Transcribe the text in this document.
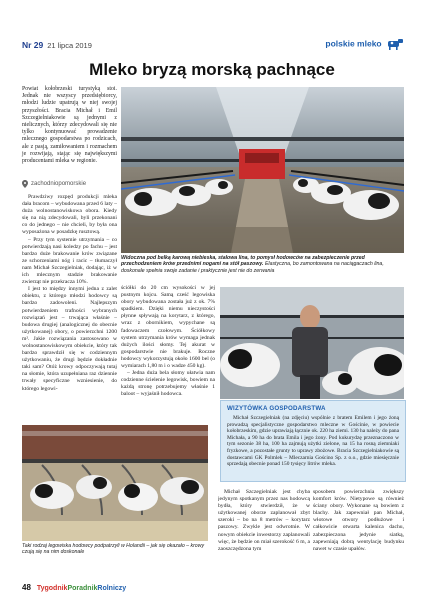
Nr 29 21 lipca 2019	polskie mleko
Mleko bryzą morską pachnące

Powiat kołobrzeski turystyką stoi. Jednak nie wszyscy przedsiębiorcy, młodzi ludzie upatrują w niej swojej przyszłości. Bracia Michał i Emil Szczegielniakowie są jednymi z nielicznych, którzy zdecydowali się nie tylko kontynuować prowadzenie mlecznego gospodarstwa po rodzicach, ale z pasją, zamiłowaniem i rozmachem je rozwijają, stając się największymi producentami mleka w regionie.

zachodniopomorskie

Prawdziwy rozpęd produkcji mleka dała bracom – wybudowana przed 6 laty – duża wolnostanowiskowa obora. Kiedy się na nią zdecydowali, byli przekonani co do jednego – nie chcieli, by była ona wyposażona w posadzkę rusztową.

– Przy tym systemie utrzymania – co potwierdzają nasi koledzy po fachu – jest bardzo duże brakowanie krów związane ze schorzeniami nóg i racic – tłumaczył nam Michał Szczegielniak, dodając, iż w ich mlecznym stadzie brakowanie zwierząt nie przekracza 10%.

I jest to między innymi jedna z zalet obiektu, z którego młodzi hodowcy są bardzo zadowoleni. Najlepszym potwierdzeniem trafności wybranych rozwiązań jest – trwająca właśnie – budowa drugiej (analogicznej do obecnie użytkowanej) obory, o powierzchni 1200 m². Jakie rozwiązania zastosowano w wolnostanowiskowym obiekcie, który tak bardzo sprawdził się w codziennym użytkowaniu, że drugi będzie dokładnie taki sam? Otóż krowy odpoczywają tutaj na słomie, która uzupełniana raz dziennie trwały specyficzne wzniesienie, do którego legowi-

Widoczna pod belką karową niebieska, stalowa lina, to pomysł hodowców na zabezpieczenie przed przechodzeniem krów przednimi nogami na stół paszowy. Elastyczna, bo zamontowana na naciągaczach lina, doskonale spełnia swoje zadanie i praktycznie jest nie do zerwania

ściółki do 20 cm wysokości w jej pustnym kojcu. Samą cześć legowiska obory wybudowana została już z ok. 7% spadkiem. Dzięki niemu nieczystości płynne spływają na korytarz, z którego, wraz z obornikiem, wypychane są fadowaczem czołowym. Ściółkowy system utrzymania krów wymaga jednak dużych ilości słomy. Tej akurat w gospodarstwie nie brakuje. Roczne hodowcy wykorzystują około 1600 bel (o wymiarach 1,80 m i o wadze 450 kg).

– Jedna duża bela słomy ułatwia nam codzienne ścielenie legowisk, bowiem na każdą stronę potrzebujemy właśnie 1 baloot – wyjaśnił hodowca.

WIZYTÓWKA GOSPODARSTWA

Michał Szczegielniak (na zdjęciu) wspólnie z bratem Emilem i jego żoną prowadzą specjalistyczne gospodarstwo mleczne w Gościnie, w powiecie kołobrzeskim, gdzie uprawiają łącznie ok. 220 ha ziemi. 130 ha należy do pana Michała, a 90 ha do brata Emila i jego żony. Pod kukurydzę przeznaczono w tym sezonie 38 ha, 100 ha zajmują użytki zielone, na 15 ha rosną ziemniaki fryzkowe, a pozostałe grunty to uprawy zbożowe. Bracia Szczegielniakowie są dostawcami GK Polmlek – Mleczarnia Gościno Sp. z o.o., gdzie miesięcznie sprzedają obecnie ponad 150 tysięcy litrów mleka.

Taki rodzaj legowiska hodowcy podpatrzyli w Holandii – jak się okazało – krowy czują się na nim doskonale

Michał Szczegielniak jest chyba jedynym spotkanym przez nas hodowcą bydła, który stwierdził, że w użytkowanej oborze zaplanował zbyt szeroki – bo na 8 metrów – korytarz paszowy. Zwykle jest odwrotnie. W nowym obiekcie inwestorzy zaplanowali więc, że będzie on miał szerokość 6 m, a zaoszczędzona tym

sposobem powierzchnia zwiększy komfort krów. Nietypowe są również ściany obory. Wykonane są bowiem z blachy. Jak zapewniał pan Michał, włotowe otwory podłużowe i całkowicie otwarta kalenica dachu, zabezpieczona jedynie siatką, zapewniają dobrą wentylację budynku nawet w czasie upałów.

48 TygodnikPoradnikRolniczy
